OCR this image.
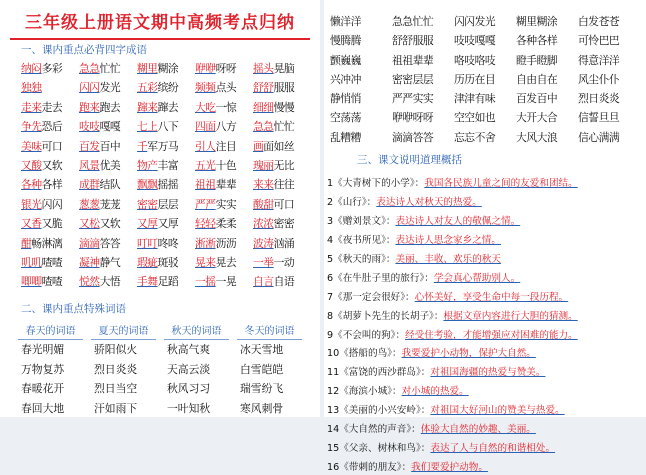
三年级上册语文期中高频考点归纳
一、课内重点必背四字成语
纳闷多彩	急急忙忙	糊里糊涂	咿咿呀呀	摇头晃脑
独独	闪闪发光	五彩缤纷	频频点头	舒舒服服
走来走去	跑来跑去	蹿来蹿去	大吃一惊	细细慢慢
争先恐后	吱吱嘎嘎	七上八下	四面八方	急急忙忙
美味可口	百发百中	千军万马	引人注目	画面如丝
又酸又软	风景优美	物产丰富	五光十色	瑰丽无比
各种各样	成群结队	飘飘摇摇	祖祖辈辈	来来往往
银光闪闪	葱葱茏茏	密密层层	严严实实	酸甜可口
又香又脆	又松又软	又厚又厚	轻轻柔柔	浓浓密密
酣畅淋漓	滴滴答答	叮叮咚咚	淅淅沥沥	波涛汹涌
叽叽喳喳	凝神静气	瑕疵斑驳	晃来晃去	一举一动
唧唧喳喳	悦然大悟	手舞足蹈	一摇一晃	自言自语
二、课内重点特殊词语
春天的词语	夏天的词语	秋天的词语	冬天的词语
春光明媚	骄阳似火	秋高气爽	冰天雪地
万物复苏	烈日炎炎	天高云淡	白雪皑皑
春暖花开	烈日当空	秋风习习	瑞雪纷飞
春回大地	汗如雨下	一叶知秋	寒风刺骨
懒洋洋	急急忙忙	闪闪发光	糊里糊涂	白发苍苍
慢腾腾	舒舒服服	吱吱嘎嘎	各种各样	可怜巴巴
颤巍巍	祖祖辈辈	咯吱咯吱	瞪手瞪脚	得意洋洋
兴冲冲	密密层层	历历在目	自由自在	风尘仆仆
静悄悄	严严实实	津津有味	百发百中	烈日炎炎
空荡荡	咿咿呀呀	空空如也	大开大合	信誓旦旦
乱糟糟	滴滴答答	忘忘不舍	大风大浪	信心满满
三、课文说明道理概括
1《大青树下的小学》： 我国各民族儿童之间的友爱和团结。
2《山行》： 表达诗人对秋天的热爱。
3《赠刘景文》： 表达诗人对友人的敬佩之情。
4《夜书所见》： 表达诗人思念家乡之情。
5《秋天的雨》： 美丽、丰收、欢乐的秋天
6《在牛肚子里的旅行》： 学会真心帮助别人。
7《那一定会很好》： 心怀美好，享受生命中每一段历程。
8《胡萝卜先生的长胡子》： 根据文章内容进行大胆的猜测。
9《不会叫的狗》： 经受住考验，才能增强应对困难的能力。
10《搭船的鸟》： 我要爱护小动物，保护大自然。
11《富饶的西沙群岛》： 对祖国海疆的热爱与赞美。
12《海滨小城》： 对小城的热爱。
13《美丽的小兴安岭》： 对祖国大好河山的赞美与热爱。
14《大自然的声音》： 体验大自然的妙趣、美丽。
15《父亲、树林和鸟》： 表达了人与自然的和谐相处。
16《带刺的朋友》： 我们要爱护动物。
